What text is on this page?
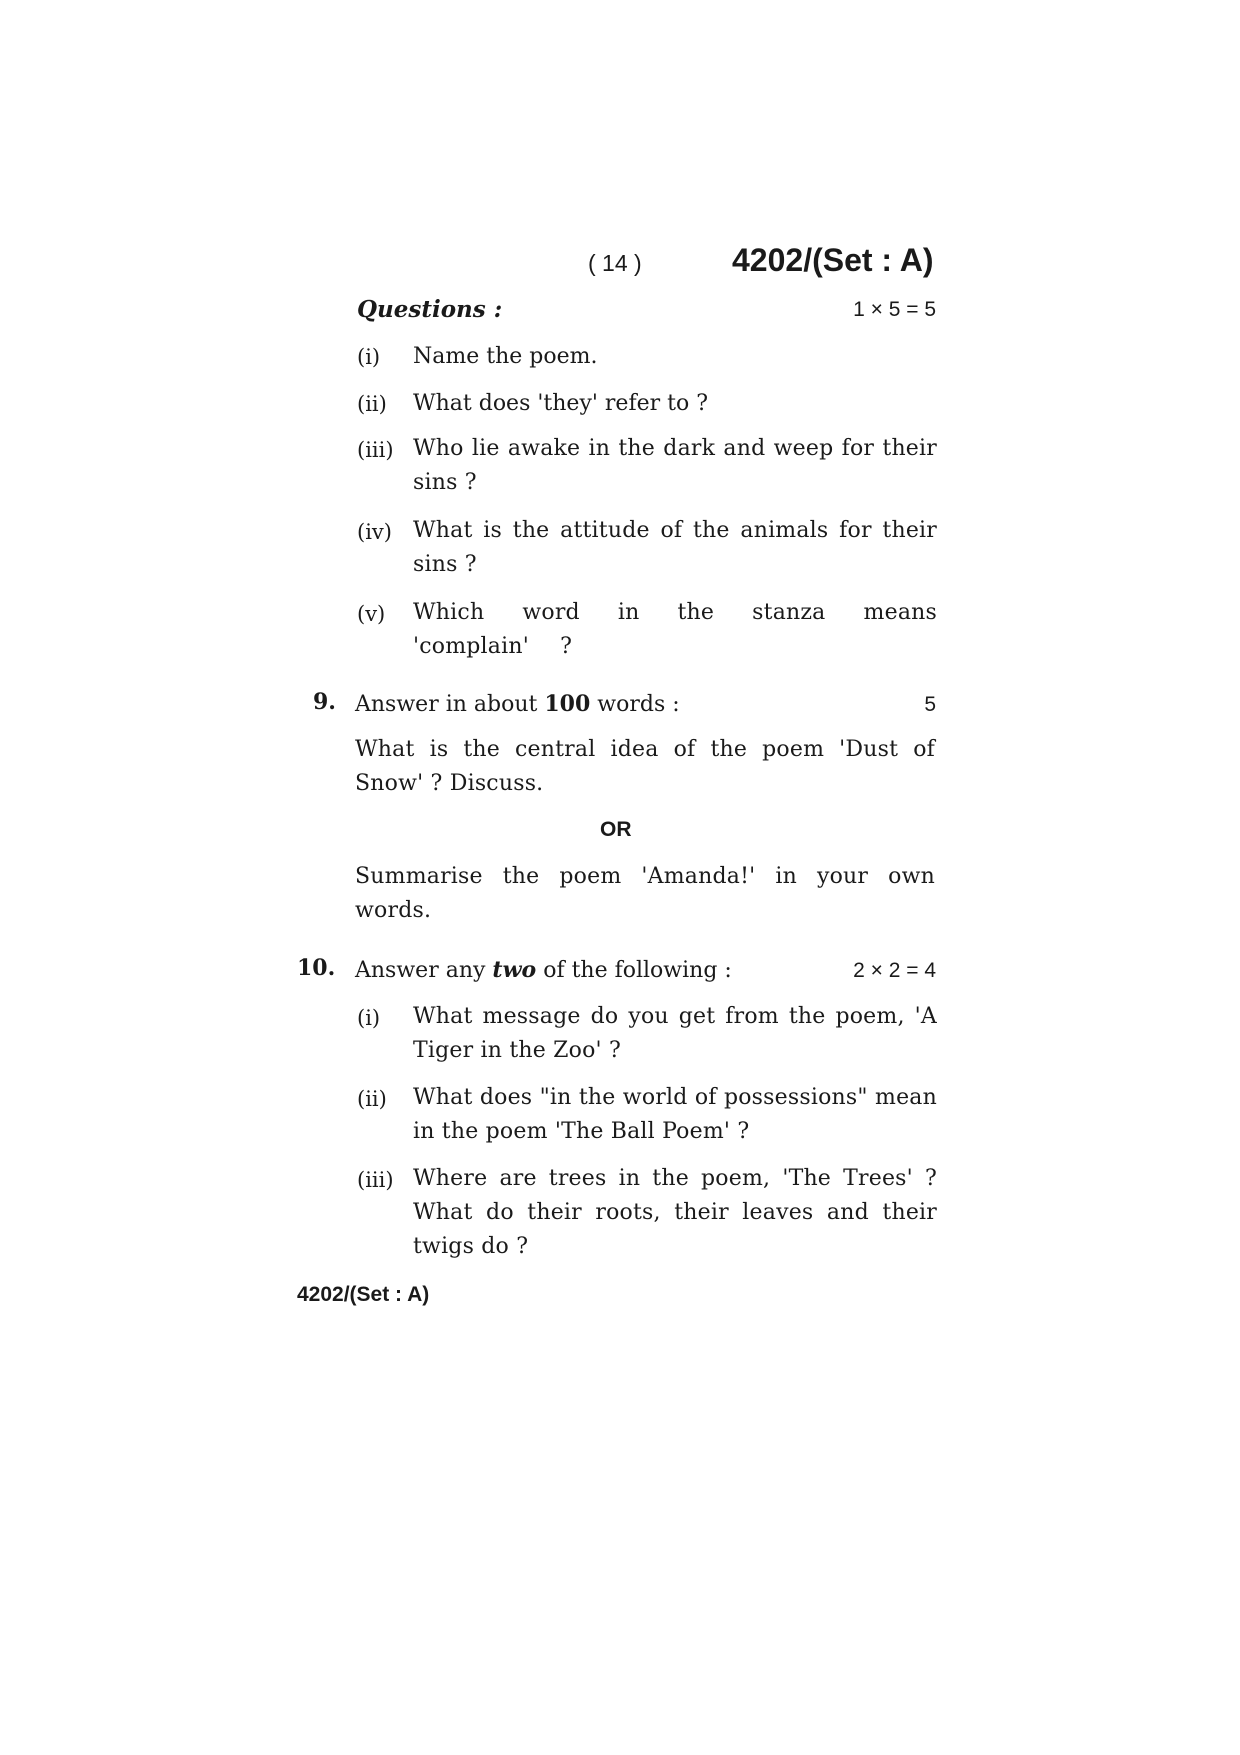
( 14 )	4202/(Set : A)
Questions :	1 × 5 = 5
(i)	Name the poem.
(ii)	What does 'they' refer to ?
(iii) Who lie awake in the dark and weep for their sins ?
(iv) What is the attitude of the animals for their sins ?
(v)	Which word in the stanza means 'complain' ?
9. Answer in about 100 words :	5
What is the central idea of the poem 'Dust of Snow' ? Discuss.
OR
Summarise the poem 'Amanda!' in your own words.
10. Answer any two of the following :	2 × 2 = 4
(i)	What message do you get from the poem, 'A Tiger in the Zoo' ?
(ii)	What does "in the world of possessions" mean in the poem 'The Ball Poem' ?
(iii) Where are trees in the poem, 'The Trees' ? What do their roots, their leaves and their twigs do ?
4202/(Set : A)
